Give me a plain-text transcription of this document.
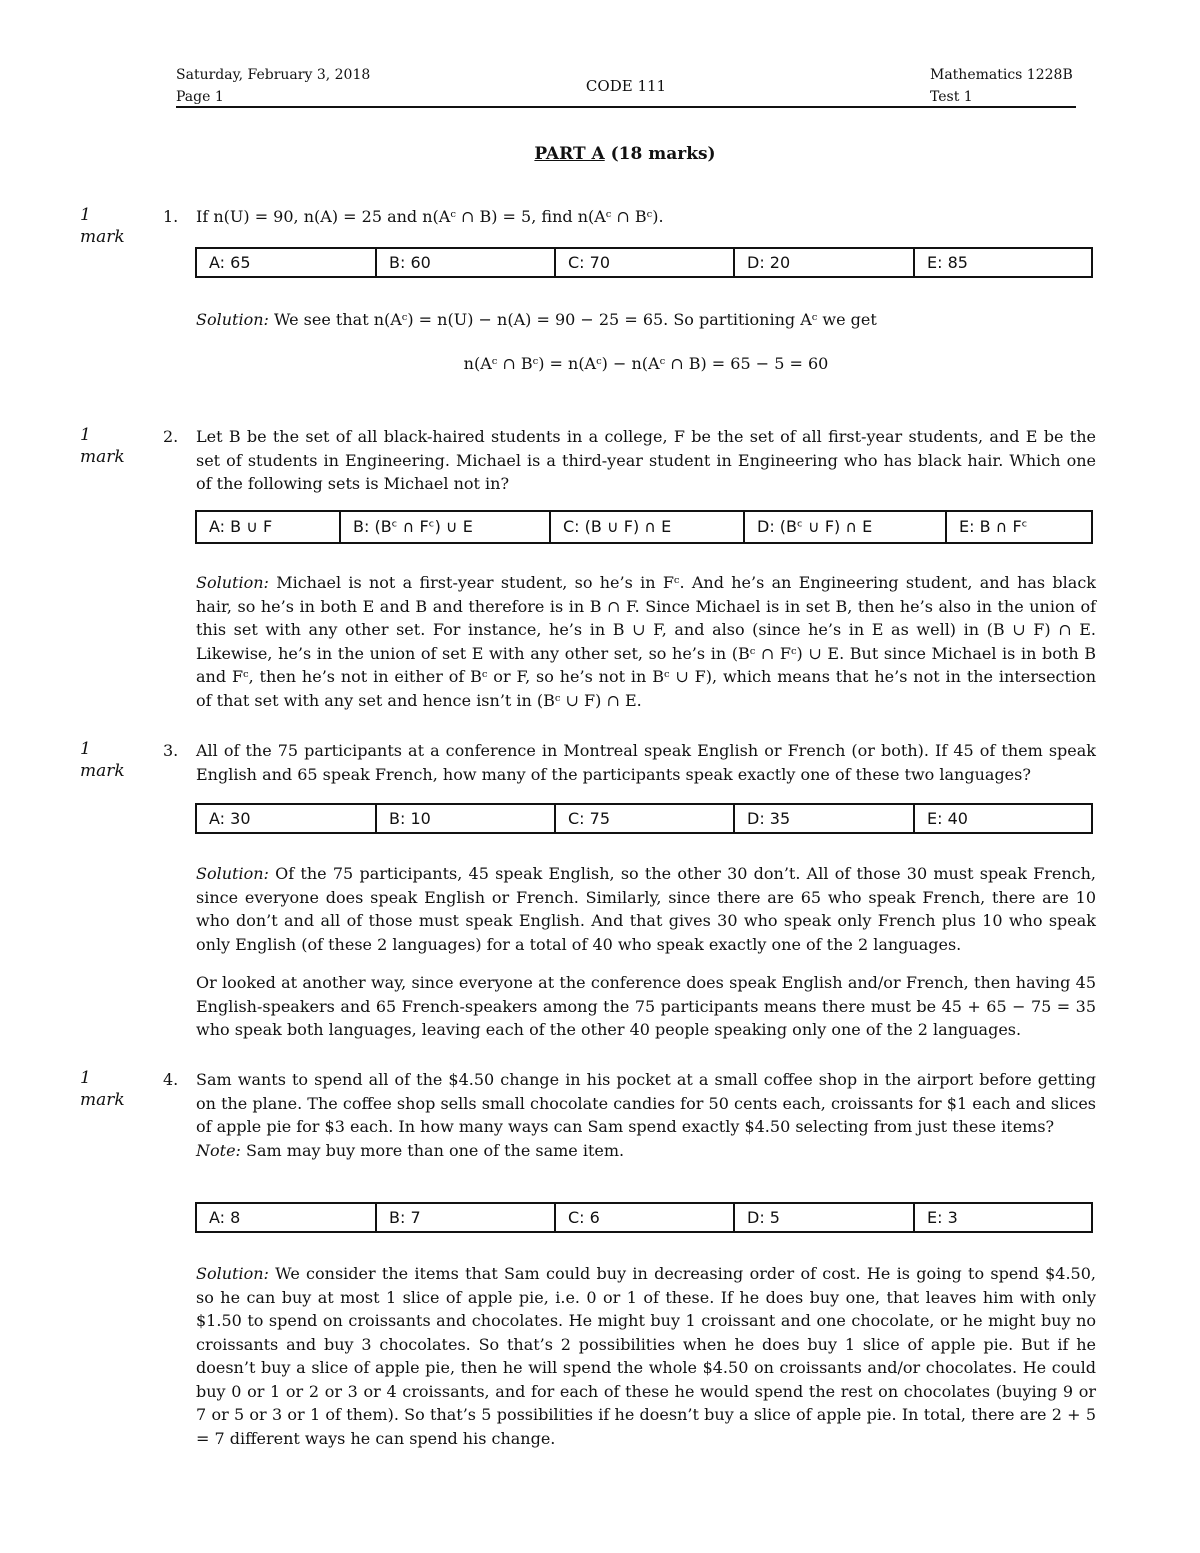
Saturday, February 3, 2018
Page 1
CODE 111
Mathematics 1228B
Test 1
PART A (18 marks)
1 mark
1. If n(U) = 90, n(A) = 25 and n(Aᶜ ∩ B) = 5, find n(Aᶜ ∩ Bᶜ).
A: 65	B: 60	C: 70	D: 20	E: 85
Solution: We see that n(Aᶜ) = n(U) − n(A) = 90 − 25 = 65. So partitioning Aᶜ we get
n(Aᶜ ∩ Bᶜ) = n(Aᶜ) − n(Aᶜ ∩ B) = 65 − 5 = 60
1 mark
2. Let B be the set of all black-haired students in a college, F be the set of all first-year students, and E be the set of students in Engineering. Michael is a third-year student in Engineering who has black hair. Which one of the following sets is Michael not in?
A: B ∪ F	B: (Bᶜ ∩ Fᶜ) ∪ E	C: (B ∪ F) ∩ E	D: (Bᶜ ∪ F) ∩ E	E: B ∩ Fᶜ
Solution: Michael is not a first-year student, so he’s in Fᶜ. And he’s an Engineering student, and has black hair, so he’s in both E and B and therefore is in B ∩ F. Since Michael is in set B, then he’s also in the union of this set with any other set. For instance, he’s in B ∪ F, and also (since he’s in E as well) in (B ∪ F) ∩ E. Likewise, he’s in the union of set E with any other set, so he’s in (Bᶜ ∩ Fᶜ) ∪ E. But since Michael is in both B and Fᶜ, then he’s not in either of Bᶜ or F, so he’s not in Bᶜ ∪ F), which means that he’s not in the intersection of that set with any set and hence isn’t in (Bᶜ ∪ F) ∩ E.
1 mark
3. All of the 75 participants at a conference in Montreal speak English or French (or both). If 45 of them speak English and 65 speak French, how many of the participants speak exactly one of these two languages?
A: 30	B: 10	C: 75	D: 35	E: 40
Solution: Of the 75 participants, 45 speak English, so the other 30 don’t. All of those 30 must speak French, since everyone does speak English or French. Similarly, since there are 65 who speak French, there are 10 who don’t and all of those must speak English. And that gives 30 who speak only French plus 10 who speak only English (of these 2 languages) for a total of 40 who speak exactly one of the 2 languages.
Or looked at another way, since everyone at the conference does speak English and/or French, then having 45 English-speakers and 65 French-speakers among the 75 participants means there must be 45 + 65 − 75 = 35 who speak both languages, leaving each of the other 40 people speaking only one of the 2 languages.
1 mark
4. Sam wants to spend all of the $4.50 change in his pocket at a small coffee shop in the airport before getting on the plane. The coffee shop sells small chocolate candies for 50 cents each, croissants for $1 each and slices of apple pie for $3 each. In how many ways can Sam spend exactly $4.50 selecting from just these items?
Note: Sam may buy more than one of the same item.
A: 8	B: 7	C: 6	D: 5	E: 3
Solution: We consider the items that Sam could buy in decreasing order of cost. He is going to spend $4.50, so he can buy at most 1 slice of apple pie, i.e. 0 or 1 of these. If he does buy one, that leaves him with only $1.50 to spend on croissants and chocolates. He might buy 1 croissant and one chocolate, or he might buy no croissants and buy 3 chocolates. So that’s 2 possibilities when he does buy 1 slice of apple pie. But if he doesn’t buy a slice of apple pie, then he will spend the whole $4.50 on croissants and/or chocolates. He could buy 0 or 1 or 2 or 3 or 4 croissants, and for each of these he would spend the rest on chocolates (buying 9 or 7 or 5 or 3 or 1 of them). So that’s 5 possibilities if he doesn’t buy a slice of apple pie. In total, there are 2 + 5 = 7 different ways he can spend his change.
